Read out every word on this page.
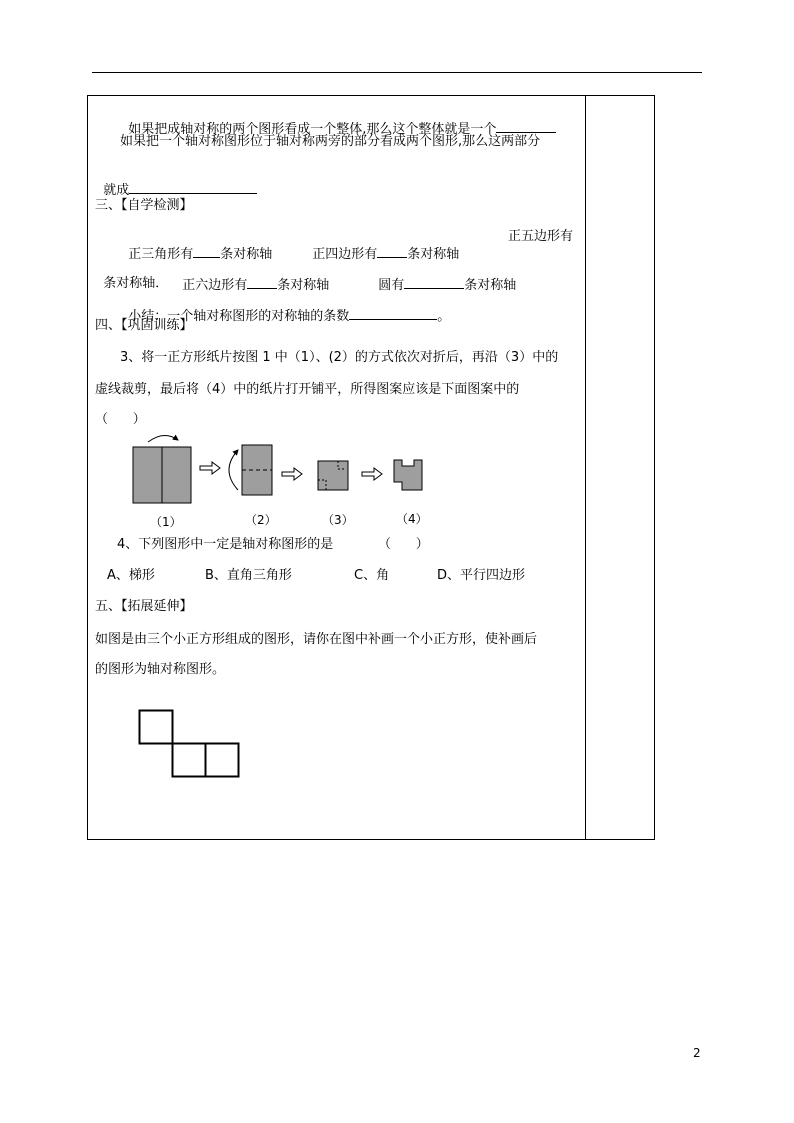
如果把成轴对称的两个图形看成一个整体,那么这个整体就是一个

如果把一个轴对称图形位于轴对称两旁的部分看成两个图形,那么这两部分

就成

三、【自学检测】

正三角形有 条对称轴	正四边形有 条对称轴

正五边形有

条对称轴．	正六边形有 条对称轴	圆有	条对称轴

小结：一个轴对称图形的对称轴的条数	。

四、【巩固训练】
3、将一正方形纸片按图 1 中（1）、(2）的方式依次对折后，再沿（3）中的
虚线裁剪，最后将（4）中的纸片打开铺平，所得图案应该是下面图案中的
（      ）
（1）	（2）	（3）	（4）
4、下列图形中一定是轴对称图形的是	（      ）
A、梯形	B、直角三角形	C、角	D、平行四边形
五、【拓展延伸】
如图是由三个小正方形组成的图形，请你在图中补画一个小正方形，使补画后
的图形为轴对称图形。
2
